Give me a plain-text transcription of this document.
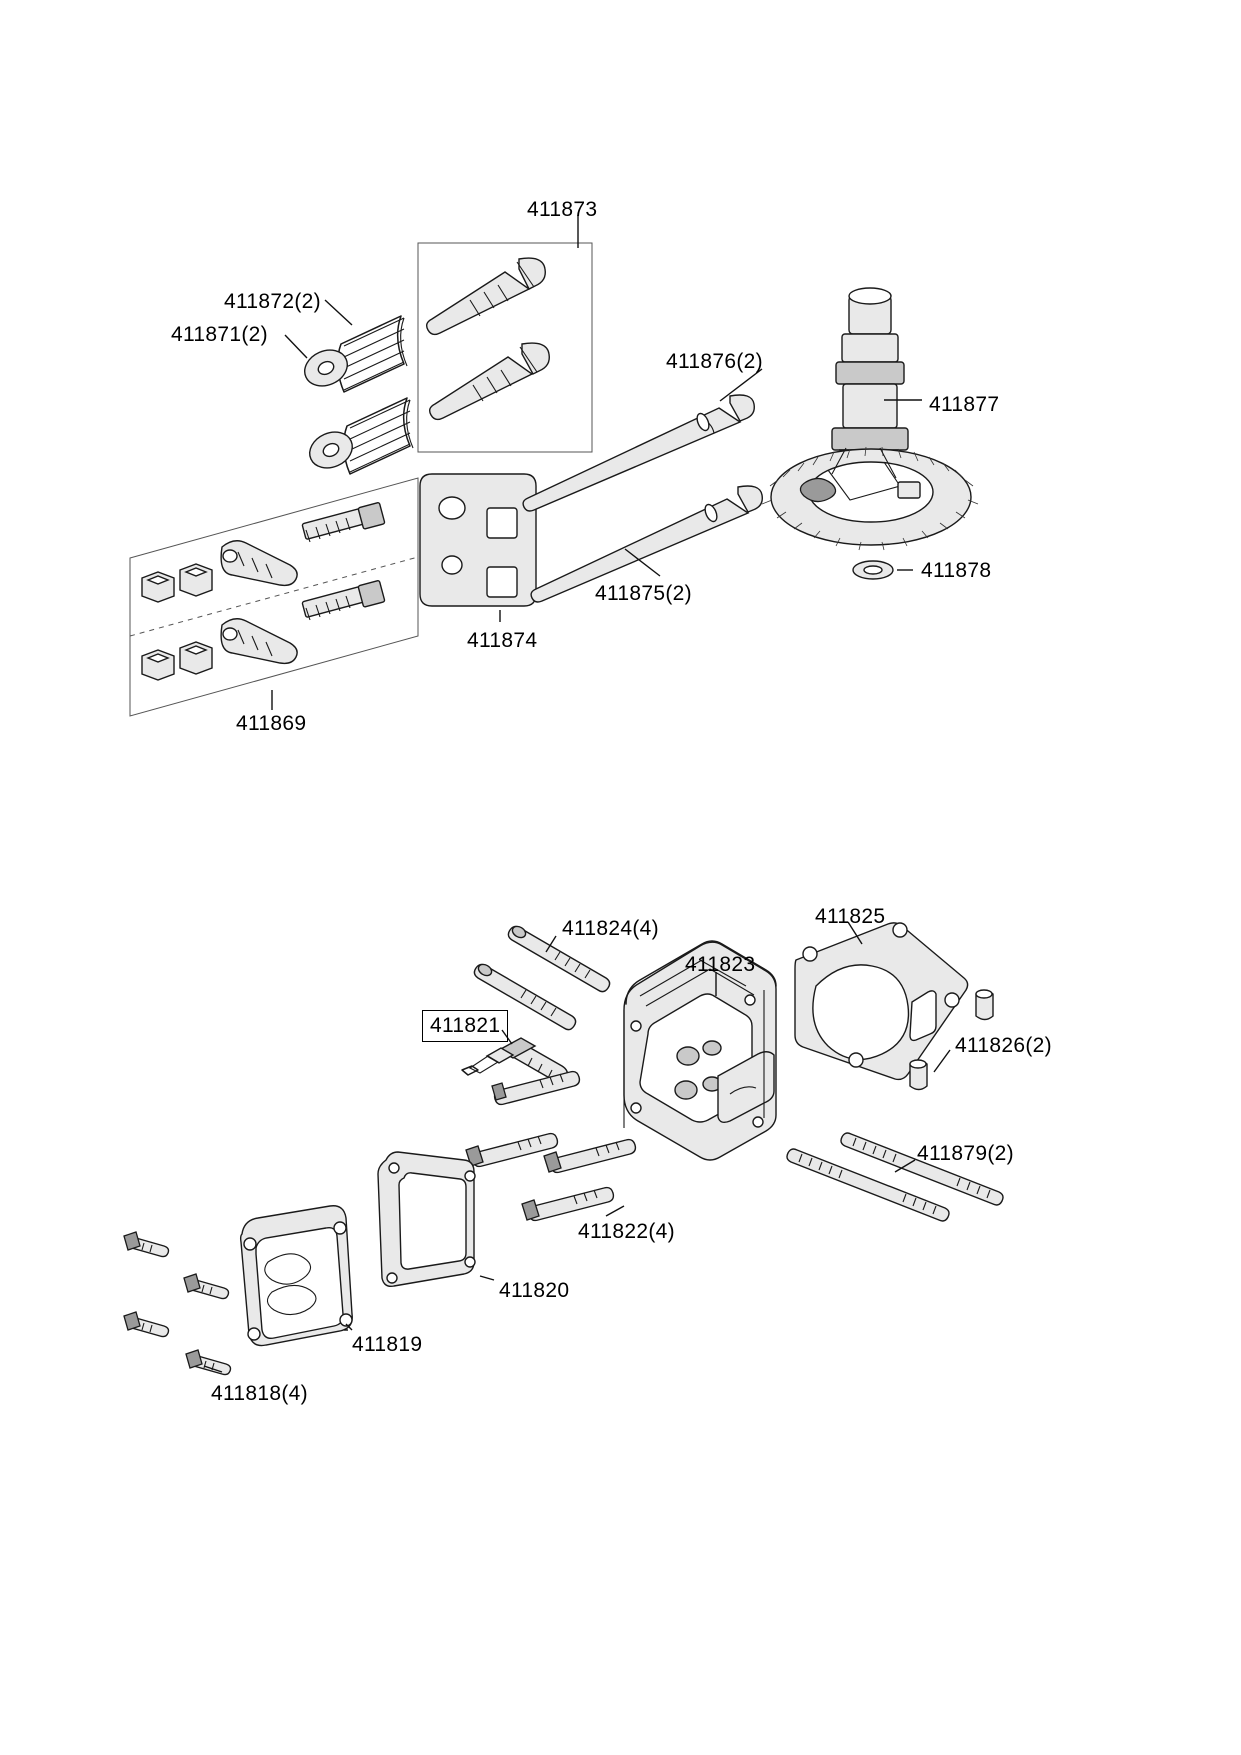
411873
411872(2)
411871(2)
411876(2)
411877
411875(2)
411878
411874
411869
411825
411824(4)
411823
411821
411826(2)
411879(2)
411822(4)
411820
411819
411818(4)
